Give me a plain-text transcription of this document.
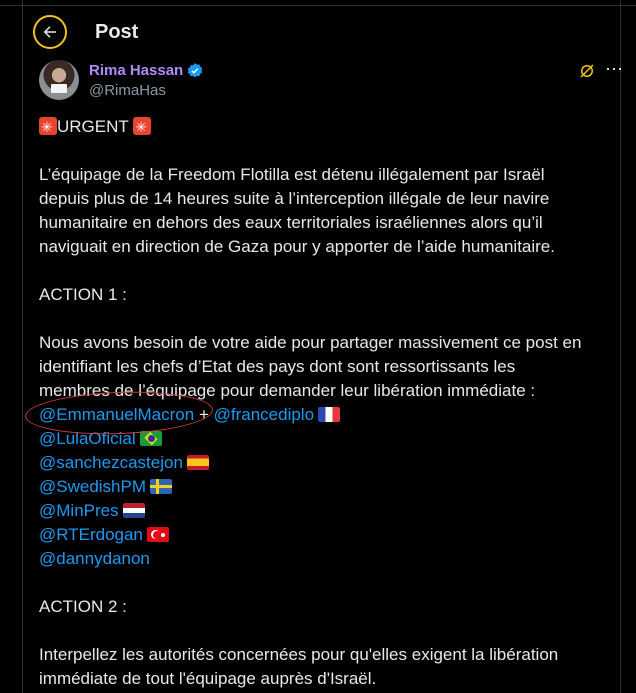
Post
Rima Hassan
@RimaHas
⋯
✳URGENT ✳
L’équipage de la Freedom Flotilla est détenu illégalement par Israël
depuis plus de 14 heures suite à l’interception illégale de leur navire
humanitaire en dehors des eaux territoriales israéliennes alors qu’il
naviguait en direction de Gaza pour y apporter de l’aide humanitaire.
ACTION 1 :
Nous avons besoin de votre aide pour partager massivement ce post en
identifiant les chefs d’Etat des pays dont sont ressortissants les
membres de l’équipage pour demander leur libération immédiate :
@EmmanuelMacron + @francediplo
@LulaOficial
@sanchezcastejon
@SwedishPM
@MinPres
@RTErdogan
@dannydanon
ACTION 2 :
Interpellez les autorités concernées pour qu'elles exigent la libération
immédiate de tout l'équipage auprès d'Israël.
